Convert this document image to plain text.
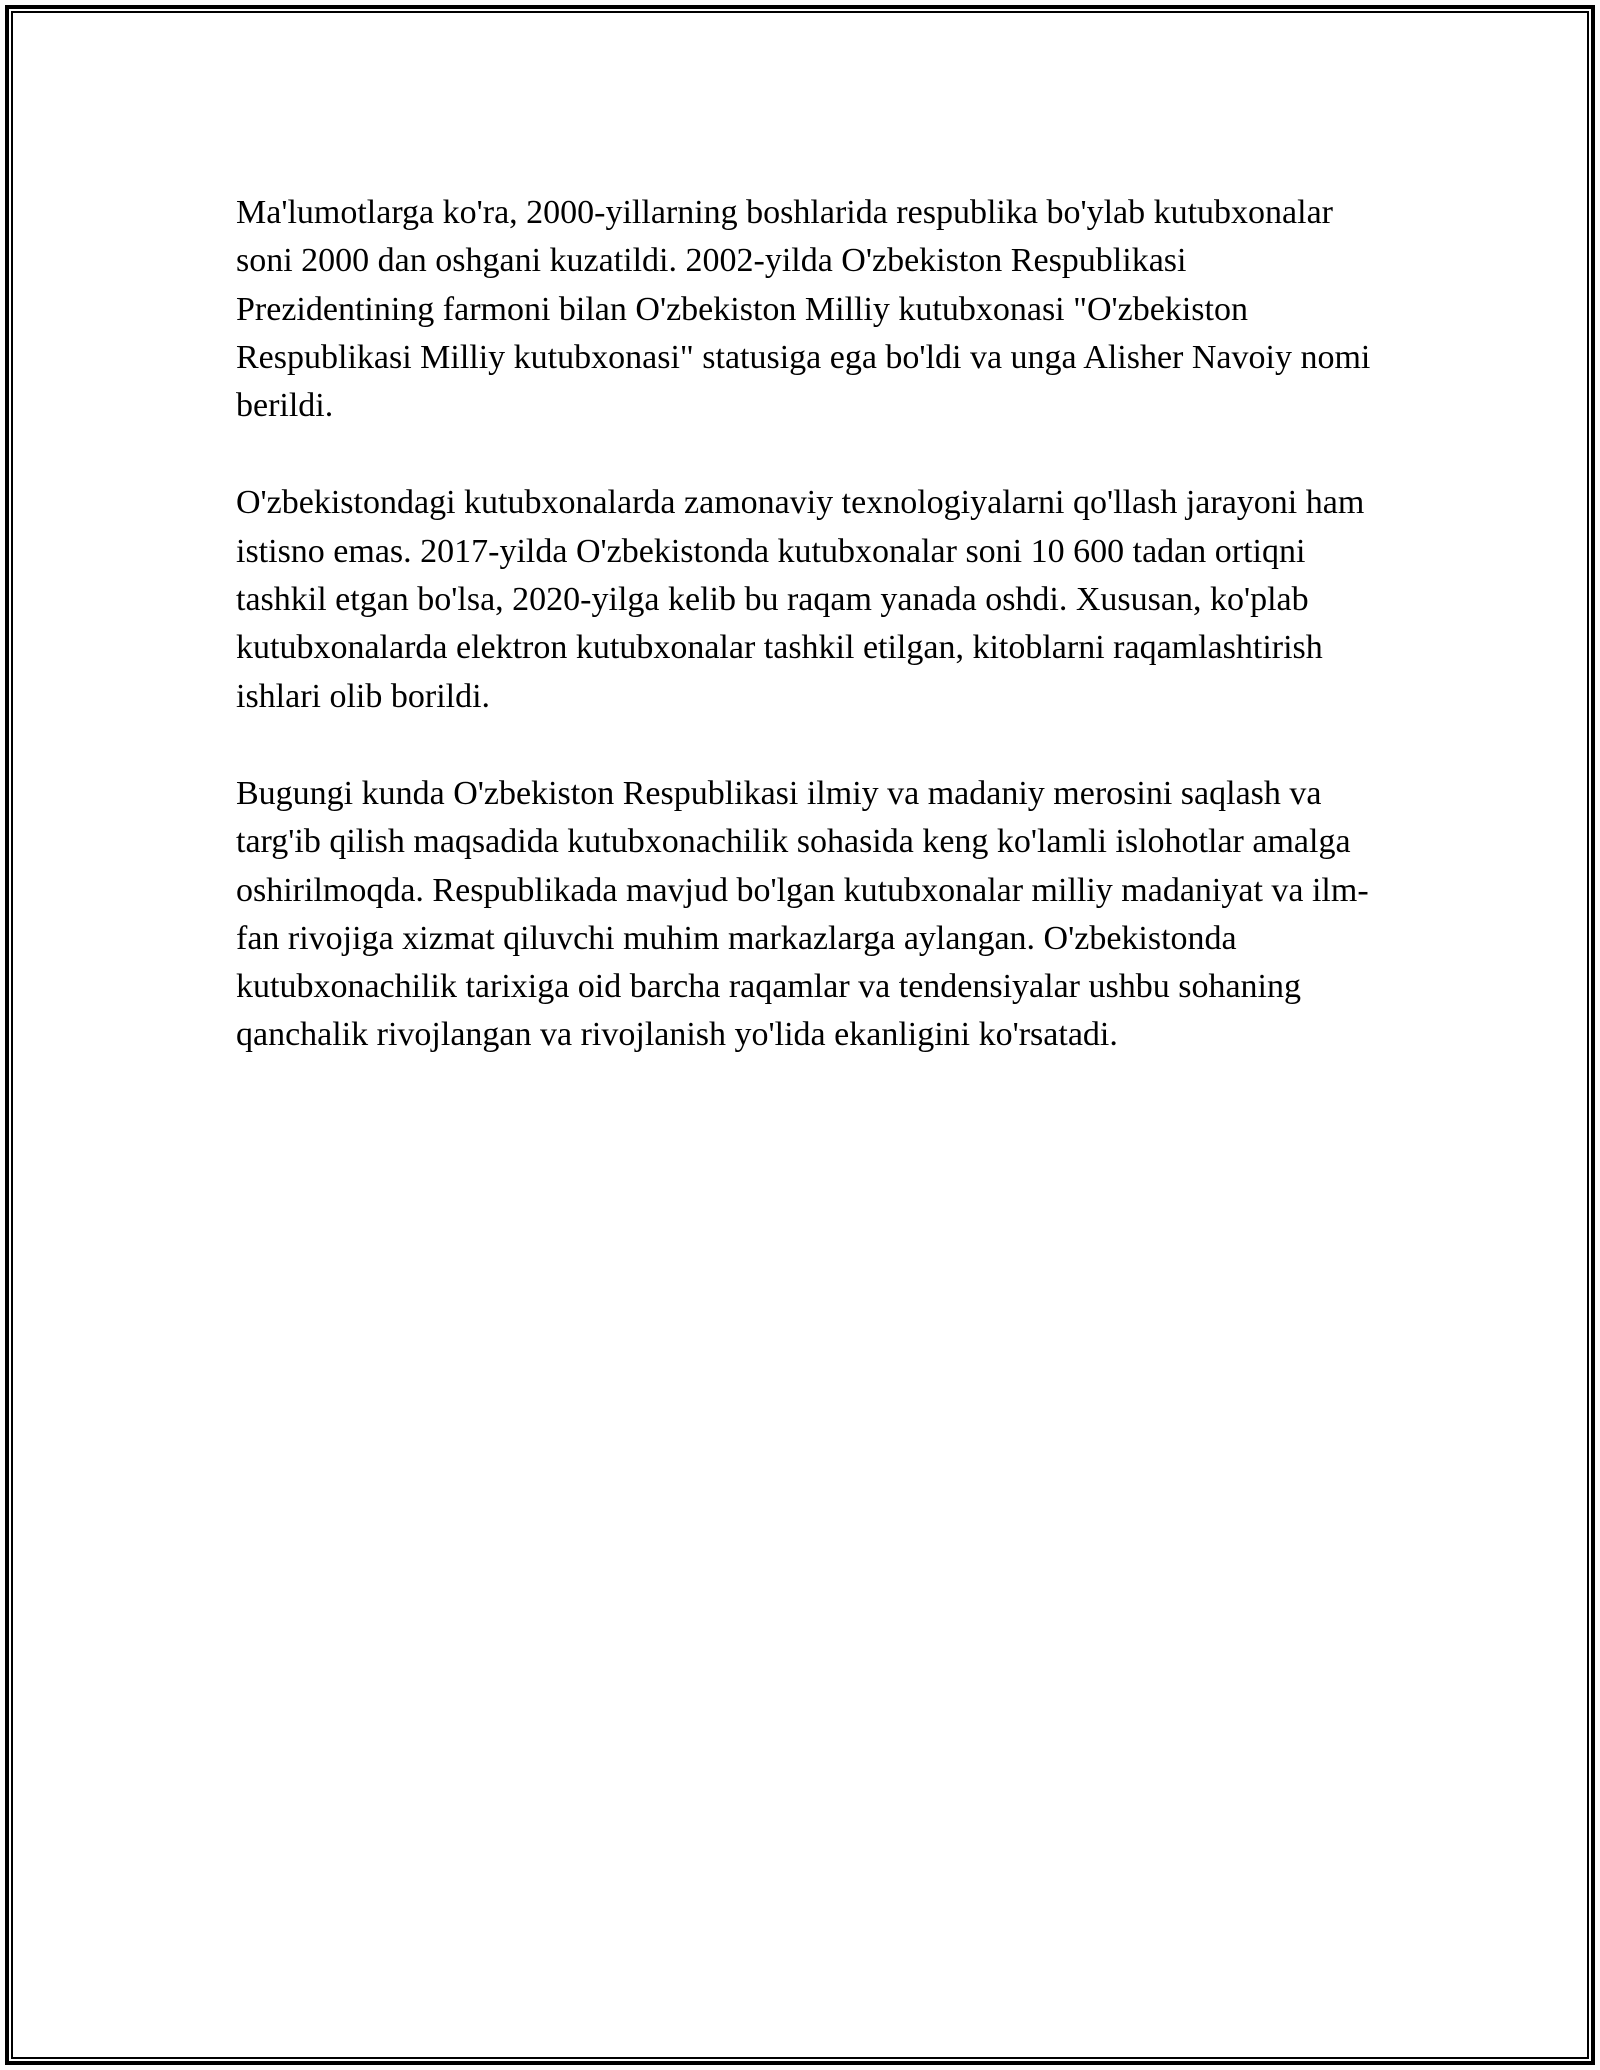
Ma'lumotlarga ko'ra, 2000-yillarning boshlarida respublika bo'ylab kutubxonalar soni 2000 dan oshgani kuzatildi. 2002-yilda O'zbekiston Respublikasi Prezidentining farmoni bilan O'zbekiston Milliy kutubxonasi "O'zbekiston Respublikasi Milliy kutubxonasi" statusiga ega bo'ldi va unga Alisher Navoiy nomi berildi.

O'zbekistondagi kutubxonalarda zamonaviy texnologiyalarni qo'llash jarayoni ham istisno emas. 2017-yilda O'zbekistonda kutubxonalar soni 10 600 tadan ortiqni tashkil etgan bo'lsa, 2020-yilga kelib bu raqam yanada oshdi. Xususan, ko'plab kutubxonalarda elektron kutubxonalar tashkil etilgan, kitoblarni raqamlashtirish ishlari olib borildi.

Bugungi kunda O'zbekiston Respublikasi ilmiy va madaniy merosini saqlash va targ'ib qilish maqsadida kutubxonachilik sohasida keng ko'lamli islohotlar amalga oshirilmoqda. Respublikada mavjud bo'lgan kutubxonalar milliy madaniyat va ilm-fan rivojiga xizmat qiluvchi muhim markazlarga aylangan. O'zbekistonda kutubxonachilik tarixiga oid barcha raqamlar va tendensiyalar ushbu sohaning qanchalik rivojlangan va rivojlanish yo'lida ekanligini ko'rsatadi.
